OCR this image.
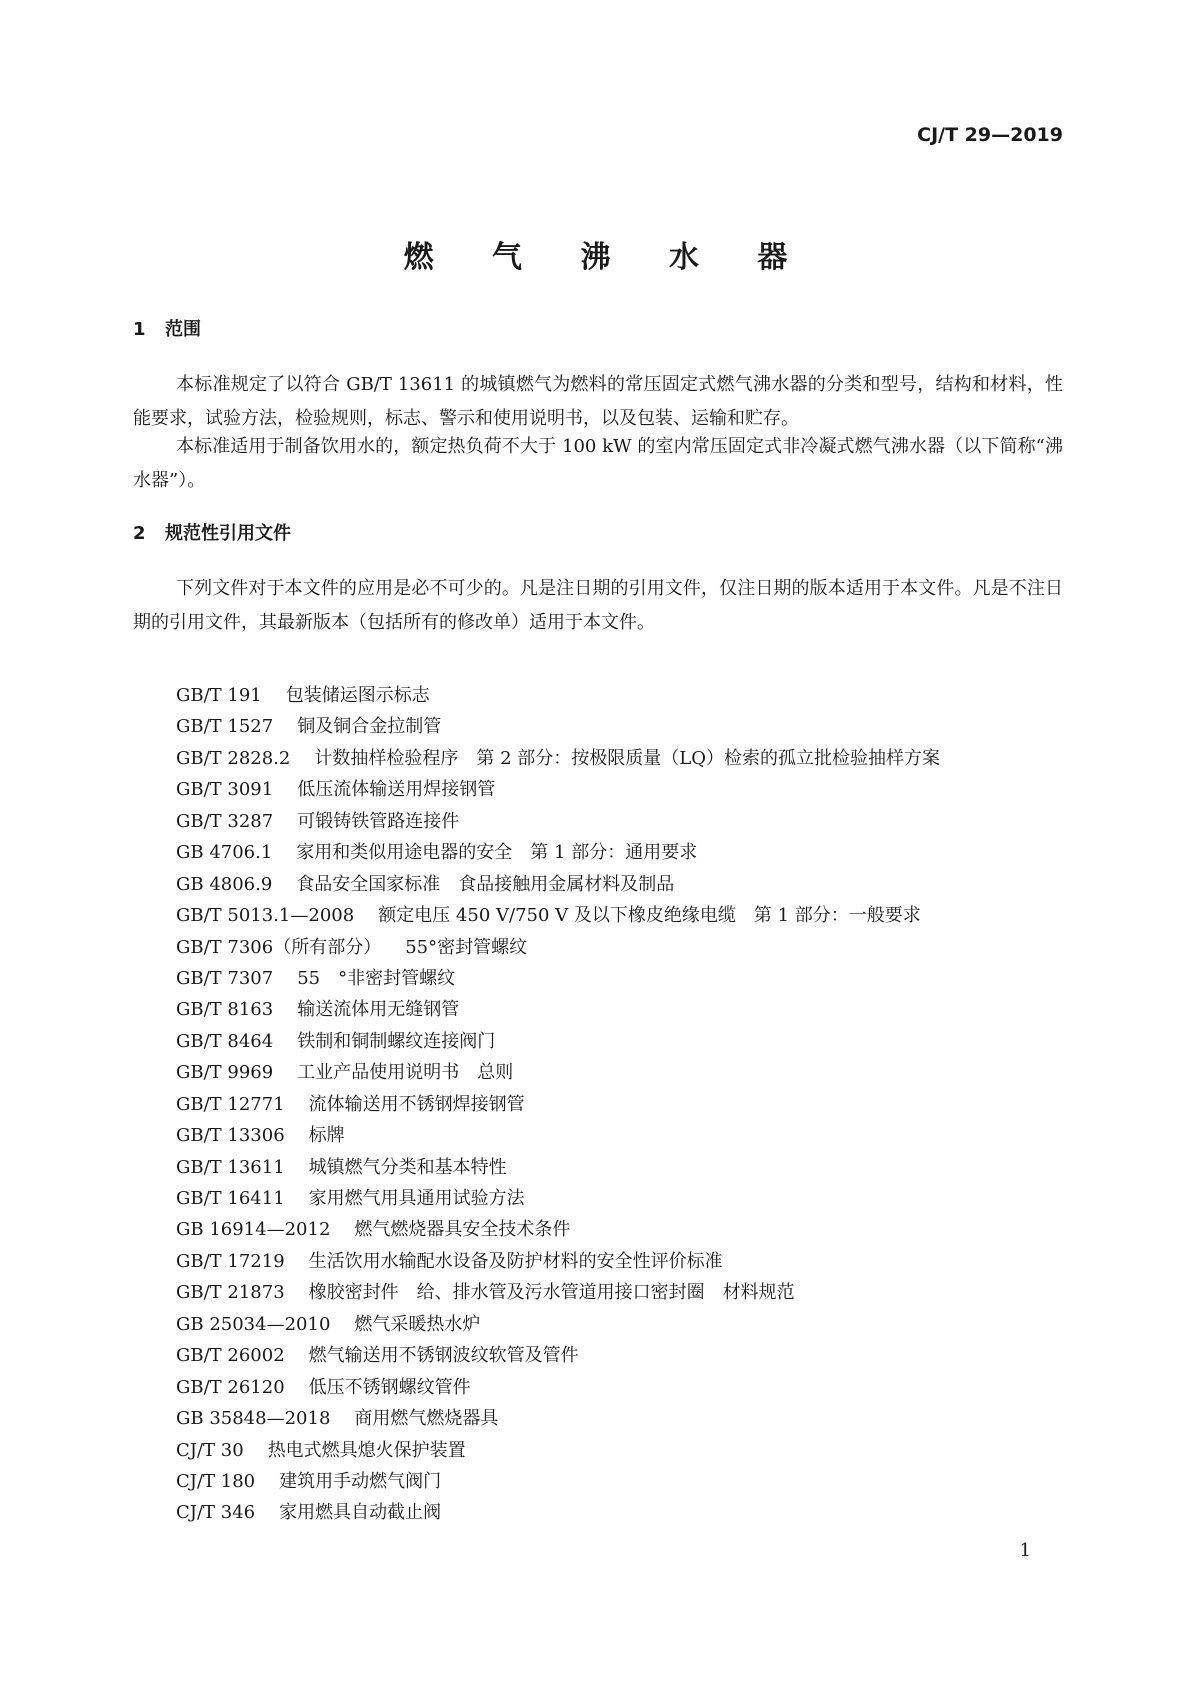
CJ/T 29—2019
燃 气 沸 水 器
1 范围

本标准规定了以符合 GB/T 13611 的城镇燃气为燃料的常压固定式燃气沸水器的分类和型号，结构和材料，性能要求，试验方法，检验规则，标志、警示和使用说明书，以及包装、运输和贮存。

本标准适用于制备饮用水的，额定热负荷不大于 100 kW 的室内常压固定式非冷凝式燃气沸水器（以下简称“沸水器”）。

2 规范性引用文件

下列文件对于本文件的应用是必不可少的。凡是注日期的引用文件，仅注日期的版本适用于本文件。凡是不注日期的引用文件，其最新版本（包括所有的修改单）适用于本文件。

GB/T 191 包装储运图示标志
GB/T 1527 铜及铜合金拉制管
GB/T 2828.2 计数抽样检验程序　第 2 部分：按极限质量（LQ）检索的孤立批检验抽样方案
GB/T 3091 低压流体输送用焊接钢管
GB/T 3287 可锻铸铁管路连接件
GB 4706.1 家用和类似用途电器的安全　第 1 部分：通用要求
GB 4806.9 食品安全国家标准　食品接触用金属材料及制品
GB/T 5013.1—2008 额定电压 450 V/750 V 及以下橡皮绝缘电缆　第 1 部分：一般要求
GB/T 7306（所有部分） 55°密封管螺纹
GB/T 7307 55　°非密封管螺纹
GB/T 8163 输送流体用无缝钢管
GB/T 8464 铁制和铜制螺纹连接阀门
GB/T 9969 工业产品使用说明书　总则
GB/T 12771 流体输送用不锈钢焊接钢管
GB/T 13306 标牌
GB/T 13611 城镇燃气分类和基本特性
GB/T 16411 家用燃气用具通用试验方法
GB 16914—2012 燃气燃烧器具安全技术条件
GB/T 17219 生活饮用水输配水设备及防护材料的安全性评价标准
GB/T 21873 橡胶密封件　给、排水管及污水管道用接口密封圈　材料规范
GB 25034—2010 燃气采暖热水炉
GB/T 26002 燃气输送用不锈钢波纹软管及管件
GB/T 26120 低压不锈钢螺纹管件
GB 35848—2018 商用燃气燃烧器具
CJ/T 30 热电式燃具熄火保护装置
CJ/T 180 建筑用手动燃气阀门
CJ/T 346 家用燃具自动截止阀
1
